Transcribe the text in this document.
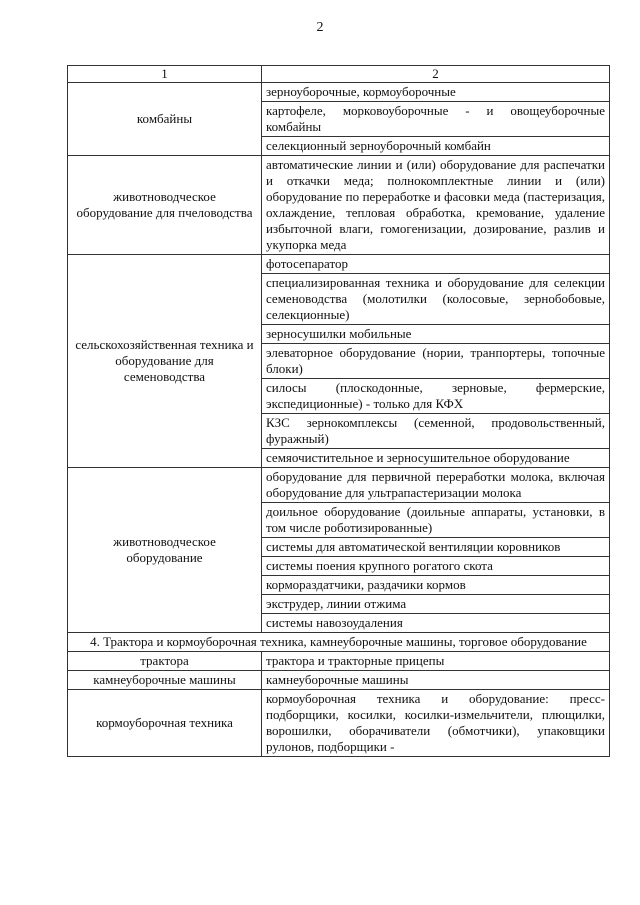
2
1	2
комбайны	зерноуборочные, кормоуборочные
	картофеле, морковоуборочные - и овощеуборочные комбайны
	селекционный зерноуборочный комбайн
животноводческое оборудование для пчеловодства	автоматические линии и (или) оборудование для распечатки и откачки меда; полнокомплектные линии и (или) оборудование по переработке и фасовки меда (пастеризация, охлаждение, тепловая обработка, кремование, удаление избыточной влаги, гомогенизации, дозирование, разлив и укупорка меда
сельскохозяйственная техника и оборудование для семеноводства	фотосепаратор
	специализированная техника и оборудование для селекции семеноводства (молотилки (колосовые, зернобобовые, селекционные)
	зерносушилки мобильные
	элеваторное оборудование (нории, транпортеры, топочные блоки)
	силосы (плоскодонные, зерновые, фермерские, экспедиционные) - только для КФХ
	КЗС зернокомплексы (семенной, продовольственный, фуражный)
	семяочистительное и зерносушительное оборудование
животноводческое оборудование	оборудование для первичной переработки молока, включая оборудование для ультрапастеризации молока
	доильное оборудование (доильные аппараты, установки, в том числе роботизированные)
	системы для автоматической вентиляции коровников
	системы поения крупного рогатого скота
	кормораздатчики, раздачики кормов
	экструдер, линии отжима
	системы навозоудаления
4. Трактора и кормоуборочная техника, камнеуборочные машины, торговое оборудование	
трактора	трактора и тракторные прицепы
камнеуборочные машины	камнеуборочные машины
кормоуборочная техника	кормоуборочная техника и оборудование: пресс-подборщики, косилки, косилки-измельчители, плющилки, ворошилки, оборачиватели (обмотчики), упаковщики рулонов, подборщики -
